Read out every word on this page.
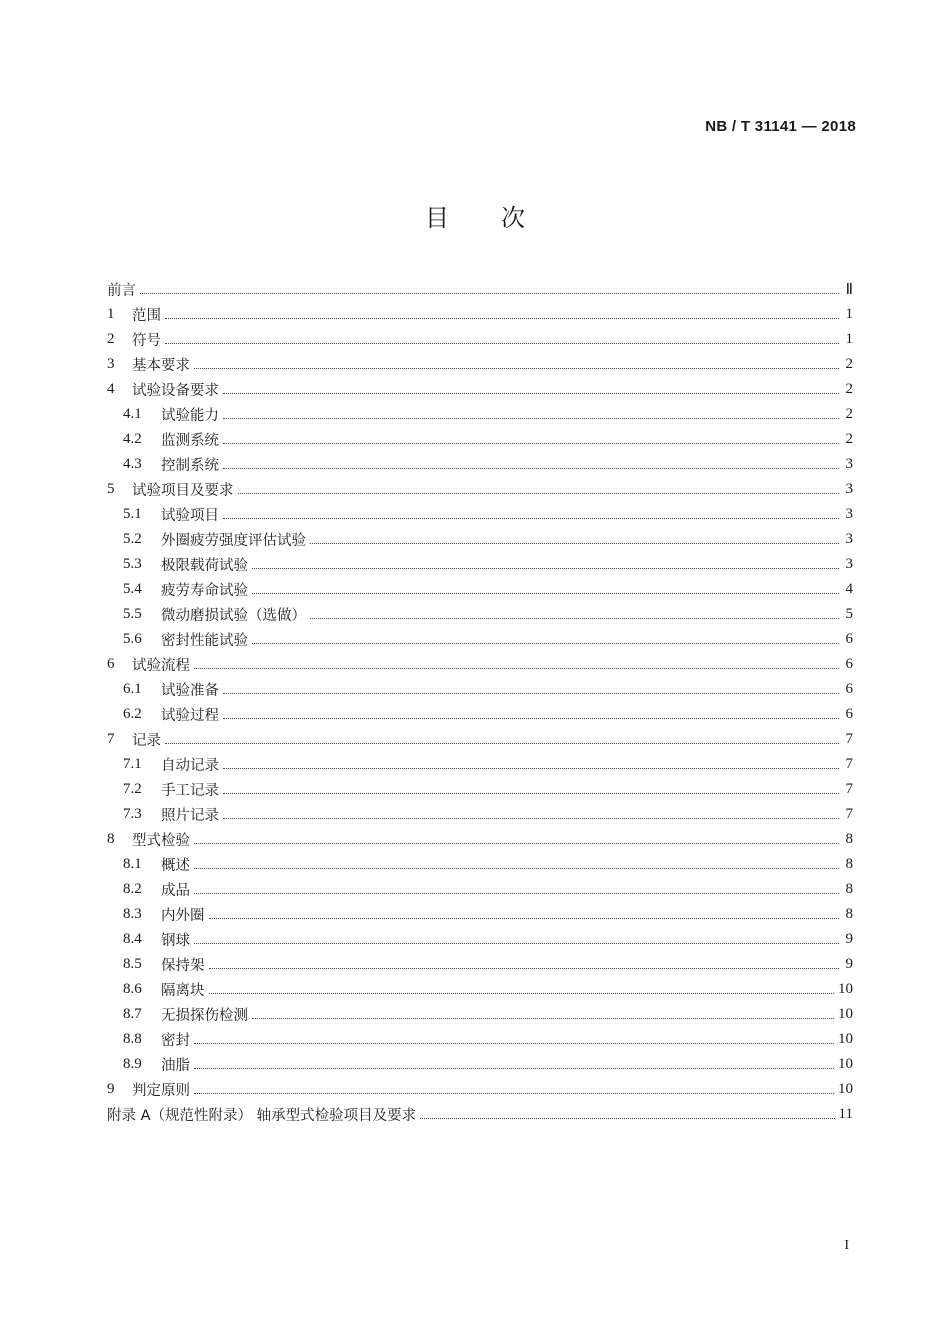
NB / T 31141 — 2018
目 次
前言	Ⅱ
1	范围	1
2	符号	1
3	基本要求	2
4	试验设备要求	2
4.1	试验能力	2
4.2	监测系统	2
4.3	控制系统	3
5	试验项目及要求	3
5.1	试验项目	3
5.2	外圈疲劳强度评估试验	3
5.3	极限载荷试验	3
5.4	疲劳寿命试验	4
5.5	微动磨损试验（选做）	5
5.6	密封性能试验	6
6	试验流程	6
6.1	试验准备	6
6.2	试验过程	6
7	记录	7
7.1	自动记录	7
7.2	手工记录	7
7.3	照片记录	7
8	型式检验	8
8.1	概述	8
8.2	成品	8
8.3	内外圈	8
8.4	钢球	9
8.5	保持架	9
8.6	隔离块	10
8.7	无损探伤检测	10
8.8	密封	10
8.9	油脂	10
9	判定原则	10
附录 A（规范性附录） 轴承型式检验项目及要求	11
I
